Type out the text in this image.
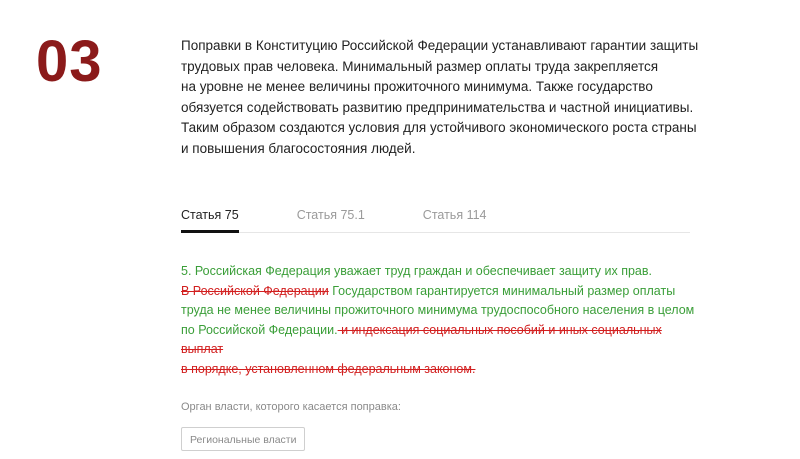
03	Поправки в Конституцию Российской Федерации устанавливают гарантии защиты

трудовых прав человека. Минимальный размер оплаты труда закрепляется

на уровне не менее величины прожиточного минимума. Также государство

обязуется содействовать развитию предпринимательства и частной инициативы.

Таким образом создаются условия для устойчивого экономического роста страны

и повышения благосостояния людей.

Статья 75	Статья 75.1	Статья 114

5. Российская Федерация уважает труд граждан и обеспечивает защиту их прав.

В Российской Федерации Государством гарантируется минимальный размер оплаты

труда не менее величины прожиточного минимума трудоспособного населения в целом

по Российской Федерации. и индексация социальных пособий и иных социальных выплат

в порядке, установленном федеральным законом.

Орган власти, которого касается поправка:
Региональные власти
